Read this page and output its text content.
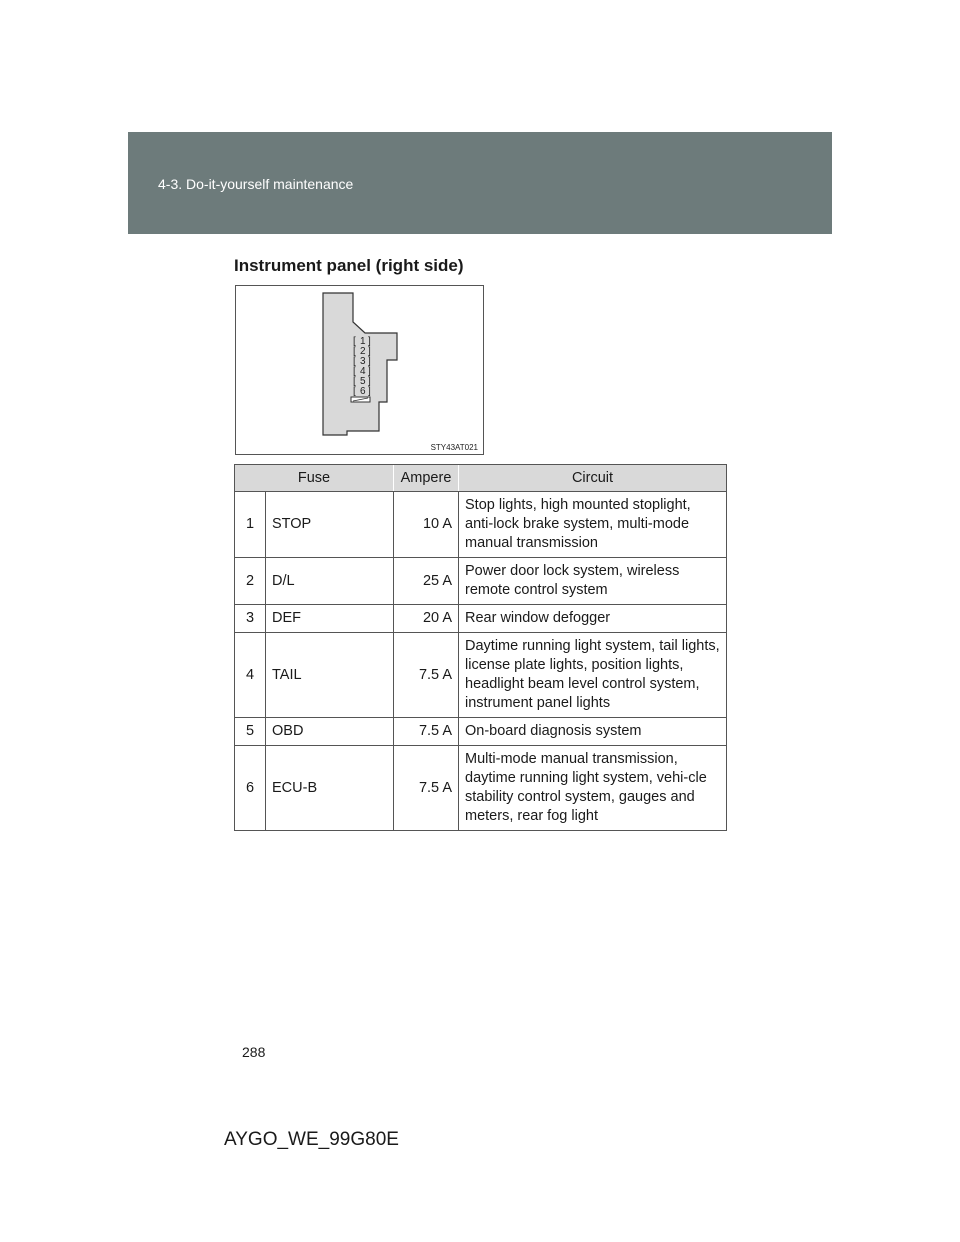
4-3. Do-it-yourself maintenance
Instrument panel (right side)
[ 1 ]
[ 2 ]
[ 3 ]
[ 4 ]
[ 5 ]
[ 6 ]
STY43AT021
Fuse		Ampere	Circuit
1	STOP	10 A	Stop lights, high mounted stoplight, anti-lock brake system, multi-mode manual transmission
2	D/L	25 A	Power door lock system, wireless remote control system
3	DEF	20 A	Rear window defogger
4	TAIL	7.5 A	Daytime running light system, tail lights, license plate lights, position lights, headlight beam level control system, instrument panel lights
5	OBD	7.5 A	On-board diagnosis system
6	ECU-B	7.5 A	Multi-mode manual transmission, daytime running light system, vehi-cle stability control system, gauges and meters, rear fog light
288
AYGO_WE_99G80E
